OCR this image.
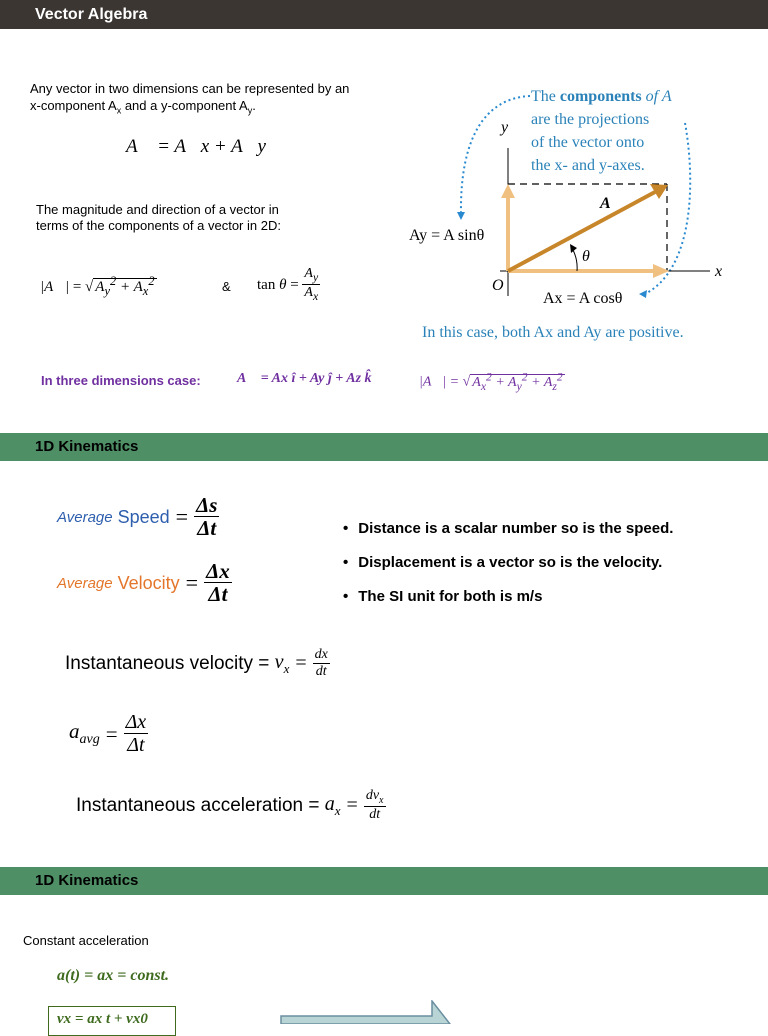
Vector Algebra
Any vector in two dimensions can be represented by an
x-component $A_x$ and a y-component $A_y$.
A⃗ = A⃗x + A⃗y
The magnitude and direction of a vector in
terms of the components of a vector in 2D:
|A⃗| = √ $A_y^2 + A_x^2$	& $\tan \theta = \frac{A_y}{A_x}$
In three dimensions case:	A⃗ = Ax î + Ay ĵ + Az k̂	|A⃗| = √ $A_x^2 + A_y^2 + A_z^2$
y
x
O
A⃗
θ
Ay = A sinθ
Ax = A cosθ
The components of A⃗
are the projections
of the vector onto
the x- and y-axes.
In this case, both Ax and Ay are positive.
1D Kinematics
Average Speed = $\frac{\Delta s}{\Delta t}$
Average Velocity = $\frac{\Delta x}{\Delta t}$
• Distance is a scalar number so is the speed.
• Displacement is a vector so is the velocity.
• The SI unit for both is m/s
Instantaneous velocity = $v_x = \frac{dx}{dt}$
$a_{avg} = \frac{\Delta x}{\Delta t}$
Instantaneous acceleration = $a_x = \frac{dv_x}{dt}$
1D Kinematics
Constant acceleration
a(t) = ax = const.
vx = ax t + vx0
